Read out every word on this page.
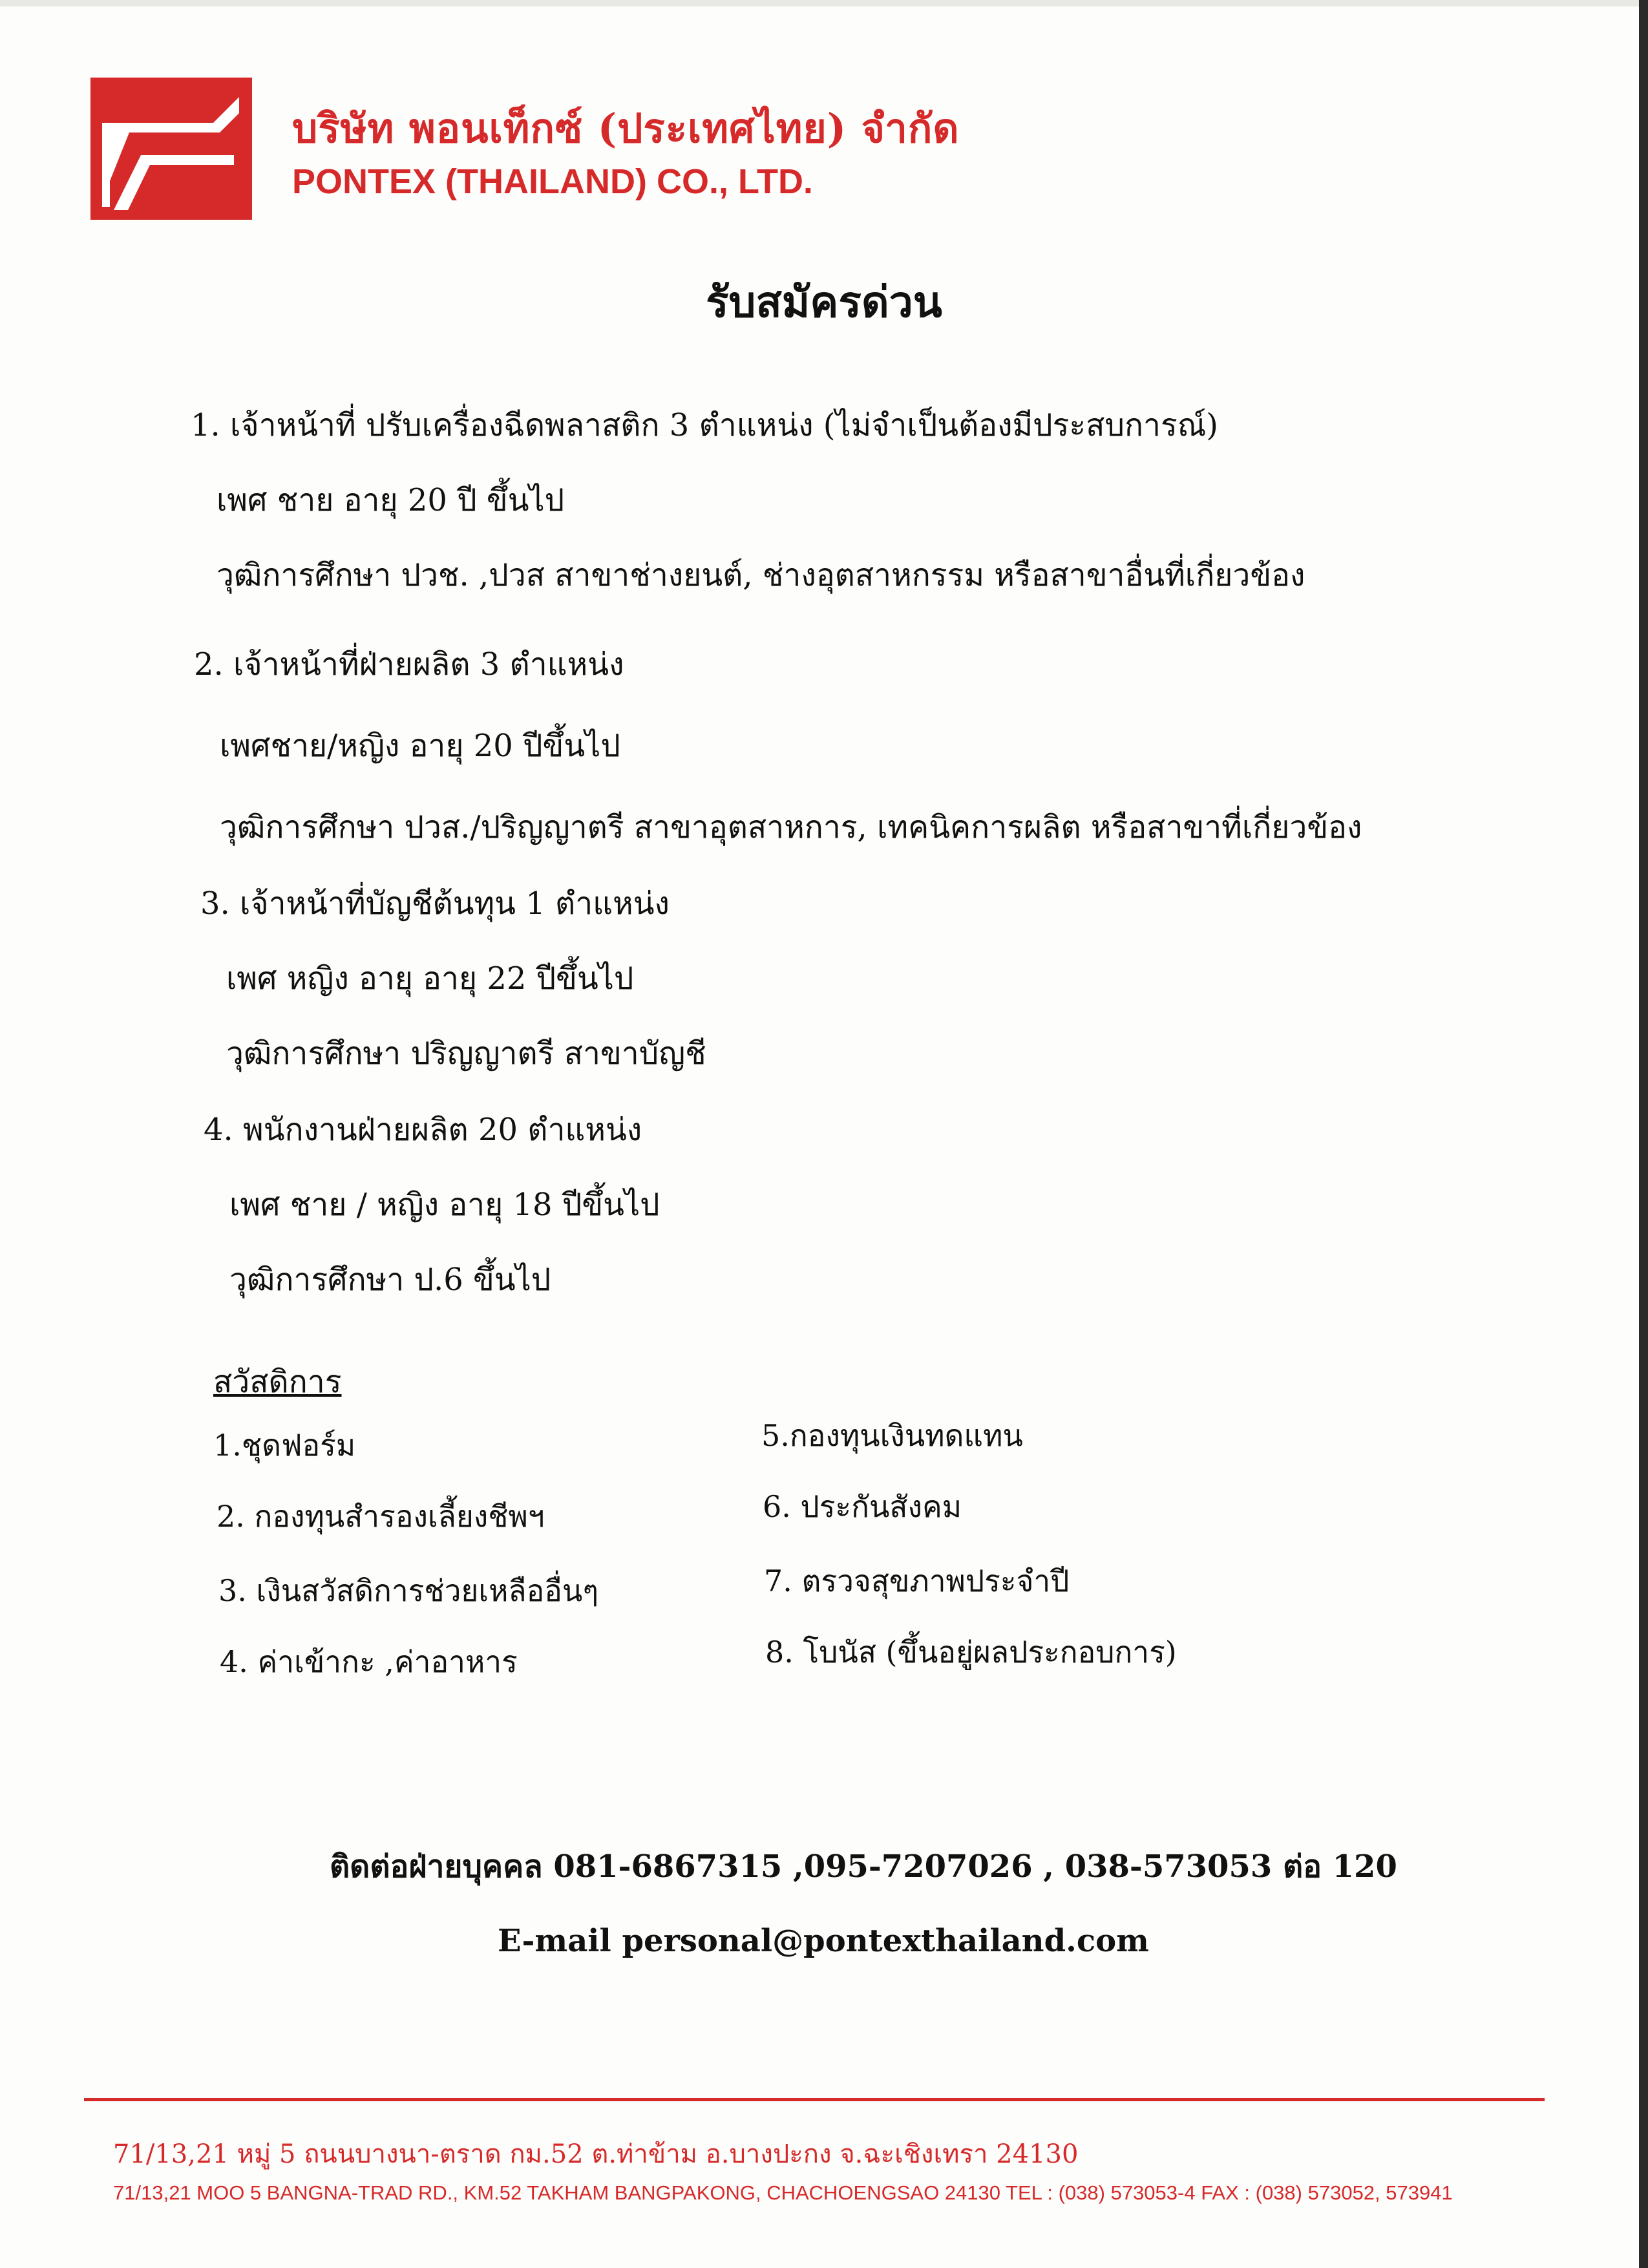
บริษัท พอนเท็กซ์ (ประเทศไทย) จำกัด
PONTEX (THAILAND) CO., LTD.
รับสมัครด่วน
1. เจ้าหน้าที่ ปรับเครื่องฉีดพลาสติก 3 ตำแหน่ง (ไม่จำเป็นต้องมีประสบการณ์)
เพศ ชาย อายุ 20 ปี ขึ้นไป
วุฒิการศึกษา ปวช. ,ปวส สาขาช่างยนต์, ช่างอุตสาหกรรม หรือสาขาอื่นที่เกี่ยวข้อง
2. เจ้าหน้าที่ฝ่ายผลิต 3 ตำแหน่ง
เพศชาย/หญิง อายุ 20 ปีขึ้นไป
วุฒิการศึกษา ปวส./ปริญญาตรี สาขาอุตสาหการ, เทคนิคการผลิต หรือสาขาที่เกี่ยวข้อง
3. เจ้าหน้าที่บัญชีต้นทุน 1 ตำแหน่ง
เพศ หญิง อายุ อายุ 22 ปีขึ้นไป
วุฒิการศึกษา ปริญญาตรี สาขาบัญชี
4. พนักงานฝ่ายผลิต 20 ตำแหน่ง
เพศ ชาย / หญิง อายุ 18 ปีขึ้นไป
วุฒิการศึกษา ป.6 ขึ้นไป
สวัสดิการ
1.ชุดฟอร์ม
2. กองทุนสำรองเลี้ยงชีพฯ
3. เงินสวัสดิการช่วยเหลืออื่นๆ
4. ค่าเข้ากะ ,ค่าอาหาร
5.กองทุนเงินทดแทน
6. ประกันสังคม
7. ตรวจสุขภาพประจำปี
8. โบนัส (ขึ้นอยู่ผลประกอบการ)
ติดต่อฝ่ายบุคคล 081-6867315 ,095-7207026 , 038-573053 ต่อ 120
E-mail personal@pontexthailand.com
71/13,21 หมู่ 5 ถนนบางนา-ตราด กม.52 ต.ท่าข้าม อ.บางปะกง จ.ฉะเชิงเทรา 24130
71/13,21 MOO 5 BANGNA-TRAD RD., KM.52 TAKHAM BANGPAKONG, CHACHOENGSAO 24130 TEL : (038) 573053-4 FAX : (038) 573052, 573941
